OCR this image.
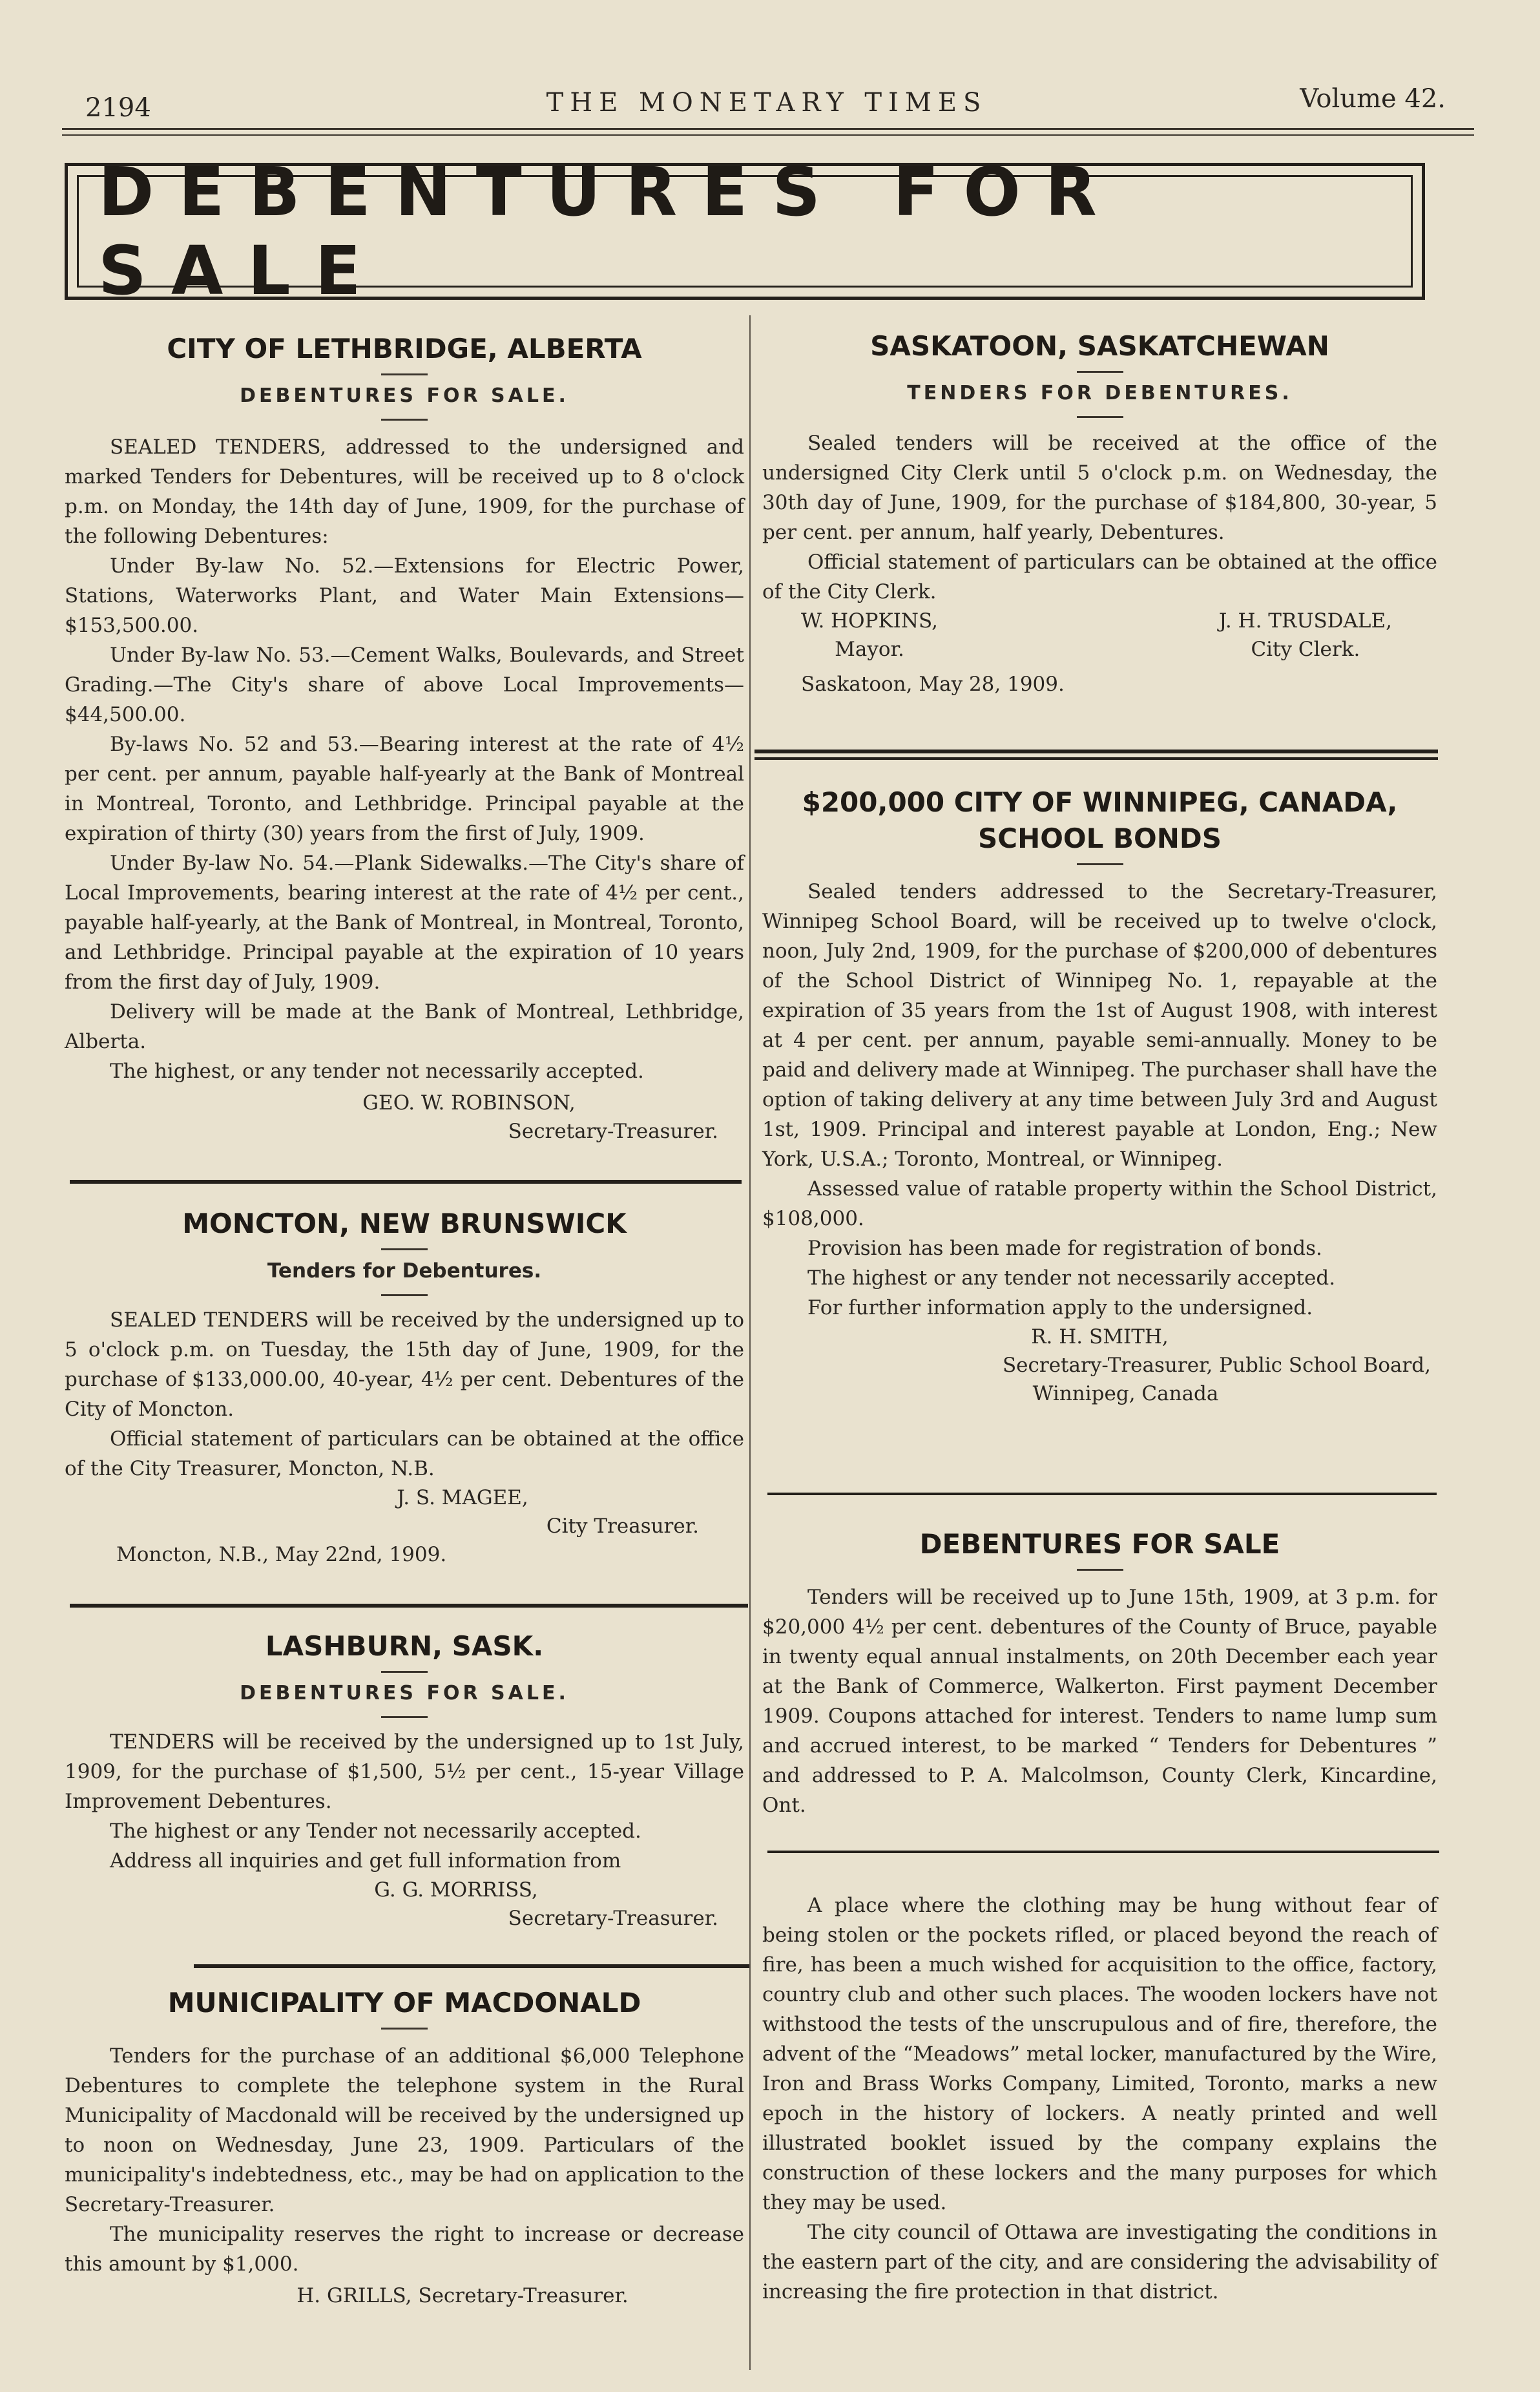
2194	THE MONETARY TIMES	Volume 42.
DEBENTURES FOR SALE
CITY OF LETHBRIDGE, ALBERTA
DEBENTURES FOR SALE.

SEALED TENDERS, addressed to the undersigned and marked Tenders for Debentures, will be received up to 8 o'clock p.m. on Monday, the 14th day of June, 1909, for the purchase of the following Debentures:

Under By-law No. 52.—Extensions for Electric Power, Stations, Waterworks Plant, and Water Main Extensions—$153,500.00.

Under By-law No. 53.—Cement Walks, Boulevards, and Street Grading.—The City's share of above Local Improvements—$44,500.00.

By-laws No. 52 and 53.—Bearing interest at the rate of 4½ per cent. per annum, payable half-yearly at the Bank of Montreal in Montreal, Toronto, and Lethbridge. Principal payable at the expiration of thirty (30) years from the first of July, 1909.

Under By-law No. 54.—Plank Sidewalks.—The City's share of Local Improvements, bearing interest at the rate of 4½ per cent., payable half-yearly, at the Bank of Montreal, in Montreal, Toronto, and Lethbridge. Principal payable at the expiration of 10 years from the first day of July, 1909.

Delivery will be made at the Bank of Montreal, Lethbridge, Alberta.

The highest, or any tender not necessarily accepted.

GEO. W. ROBINSON,
Secretary-Treasurer.
MONCTON, NEW BRUNSWICK
Tenders for Debentures.

SEALED TENDERS will be received by the undersigned up to 5 o'clock p.m. on Tuesday, the 15th day of June, 1909, for the purchase of $133,000.00, 40-year, 4½ per cent. Debentures of the City of Moncton.

Official statement of particulars can be obtained at the office of the City Treasurer, Moncton, N.B.

J. S. MAGEE,
City Treasurer.
Moncton, N.B., May 22nd, 1909.
LASHBURN, SASK.
DEBENTURES FOR SALE.

TENDERS will be received by the undersigned up to 1st July, 1909, for the purchase of $1,500, 5½ per cent., 15-year Village Improvement Debentures.

The highest or any Tender not necessarily accepted.

Address all inquiries and get full information from

G. G. MORRISS,
Secretary-Treasurer.
MUNICIPALITY OF MACDONALD

Tenders for the purchase of an additional $6,000 Telephone Debentures to complete the telephone system in the Rural Municipality of Macdonald will be received by the undersigned up to noon on Wednesday, June 23, 1909. Particulars of the municipality's indebtedness, etc., may be had on application to the Secretary-Treasurer.

The municipality reserves the right to increase or decrease this amount by $1,000.

H. GRILLS, Secretary-Treasurer.
SASKATOON, SASKATCHEWAN
TENDERS FOR DEBENTURES.

Sealed tenders will be received at the office of the undersigned City Clerk until 5 o'clock p.m. on Wednesday, the 30th day of June, 1909, for the purchase of $184,800, 30-year, 5 per cent. per annum, half yearly, Debentures.

Official statement of particulars can be obtained at the office of the City Clerk.

W. HOPKINS,
Mayor.
J. H. TRUSDALE,
City Clerk.
Saskatoon, May 28, 1909.
$200,000 CITY OF WINNIPEG, CANADA,
SCHOOL BONDS

Sealed tenders addressed to the Secretary-Treasurer, Winnipeg School Board, will be received up to twelve o'clock, noon, July 2nd, 1909, for the purchase of $200,000 of debentures of the School District of Winnipeg No. 1, repayable at the expiration of 35 years from the 1st of August 1908, with interest at 4 per cent. per annum, payable semi-annually. Money to be paid and delivery made at Winnipeg. The purchaser shall have the option of taking delivery at any time between July 3rd and August 1st, 1909. Principal and interest payable at London, Eng.; New York, U.S.A.; Toronto, Montreal, or Winnipeg.

Assessed value of ratable property within the School District, $108,000.

Provision has been made for registration of bonds.

The highest or any tender not necessarily accepted.

For further information apply to the undersigned.

R. H. SMITH,
Secretary-Treasurer, Public School Board,
Winnipeg, Canada
DEBENTURES FOR SALE

Tenders will be received up to June 15th, 1909, at 3 p.m. for $20,000 4½ per cent. debentures of the County of Bruce, payable in twenty equal annual instalments, on 20th December each year at the Bank of Commerce, Walkerton. First payment December 1909. Coupons attached for interest. Tenders to name lump sum and accrued interest, to be marked “ Tenders for Debentures ” and addressed to P. A. Malcolmson, County Clerk, Kincardine, Ont.

A place where the clothing may be hung without fear of being stolen or the pockets rifled, or placed beyond the reach of fire, has been a much wished for acquisition to the office, factory, country club and other such places. The wooden lockers have not withstood the tests of the unscrupulous and of fire, therefore, the advent of the “Meadows” metal locker, manufactured by the Wire, Iron and Brass Works Company, Limited, Toronto, marks a new epoch in the history of lockers. A neatly printed and well illustrated booklet issued by the company explains the construction of these lockers and the many purposes for which they may be used.

The city council of Ottawa are investigating the conditions in the eastern part of the city, and are considering the advisability of increasing the fire protection in that district.
